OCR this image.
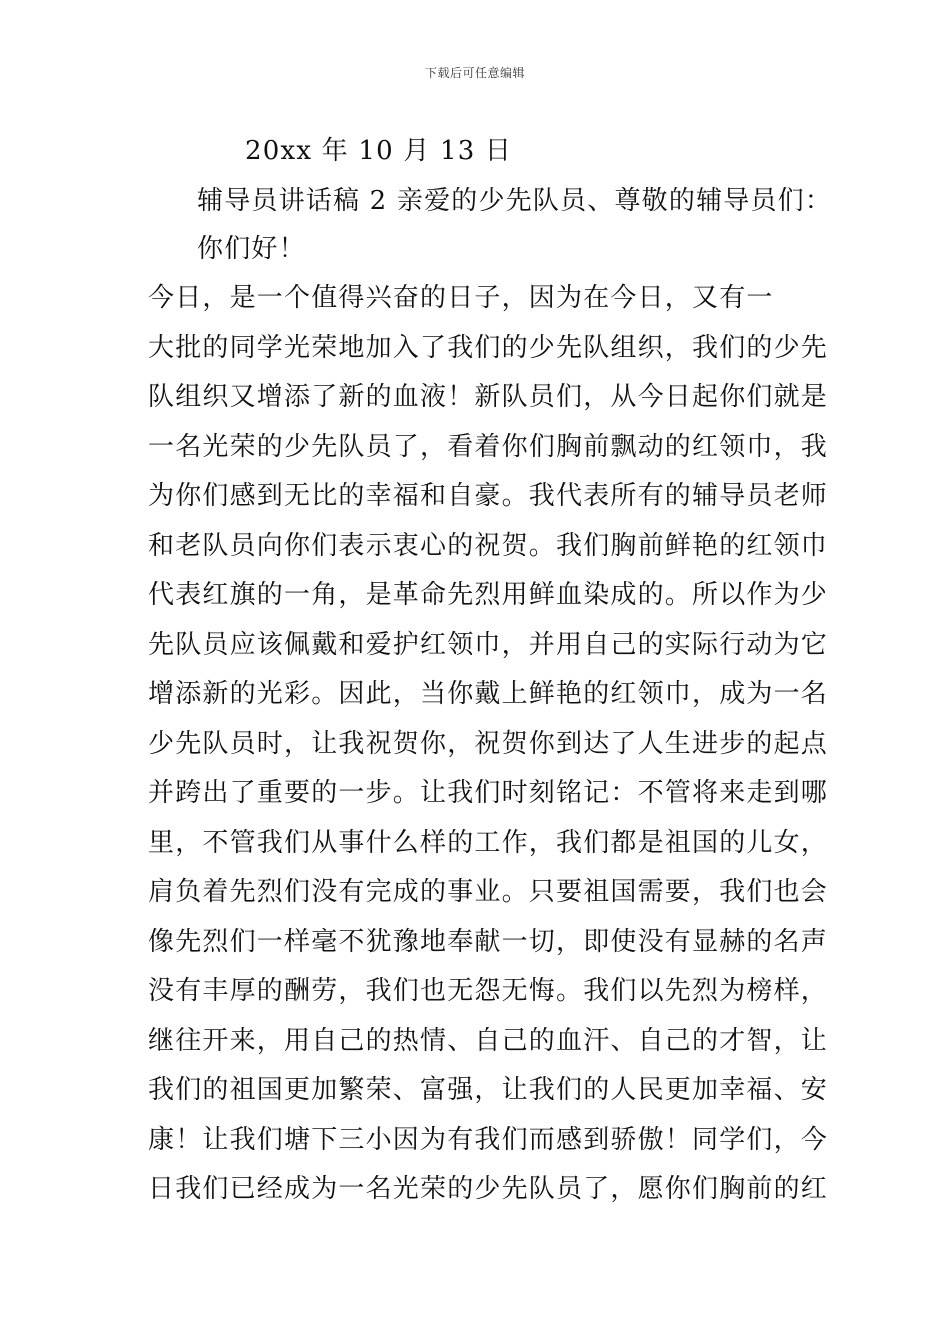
下载后可任意编辑
20xx 年 10 月 13 日
辅导员讲话稿 2 亲爱的少先队员、尊敬的辅导员们：
你们好！
今日，是一个值得兴奋的日子，因为在今日，又有一
大批的同学光荣地加入了我们的少先队组织，我们的少先
队组织又增添了新的血液！新队员们，从今日起你们就是
一名光荣的少先队员了，看着你们胸前飘动的红领巾，我
为你们感到无比的幸福和自豪。我代表所有的辅导员老师
和老队员向你们表示衷心的祝贺。我们胸前鲜艳的红领巾
代表红旗的一角，是革命先烈用鲜血染成的。所以作为少
先队员应该佩戴和爱护红领巾，并用自己的实际行动为它
增添新的光彩。因此，当你戴上鲜艳的红领巾，成为一名
少先队员时，让我祝贺你，祝贺你到达了人生进步的起点
并跨出了重要的一步。让我们时刻铭记：不管将来走到哪
里，不管我们从事什么样的工作，我们都是祖国的儿女，
肩负着先烈们没有完成的事业。只要祖国需要，我们也会
像先烈们一样毫不犹豫地奉献一切，即使没有显赫的名声
没有丰厚的酬劳，我们也无怨无悔。我们以先烈为榜样，
继往开来，用自己的热情、自己的血汗、自己的才智，让
我们的祖国更加繁荣、富强，让我们的人民更加幸福、安
康！让我们塘下三小因为有我们而感到骄傲！同学们，今
日我们已经成为一名光荣的少先队员了，愿你们胸前的红
